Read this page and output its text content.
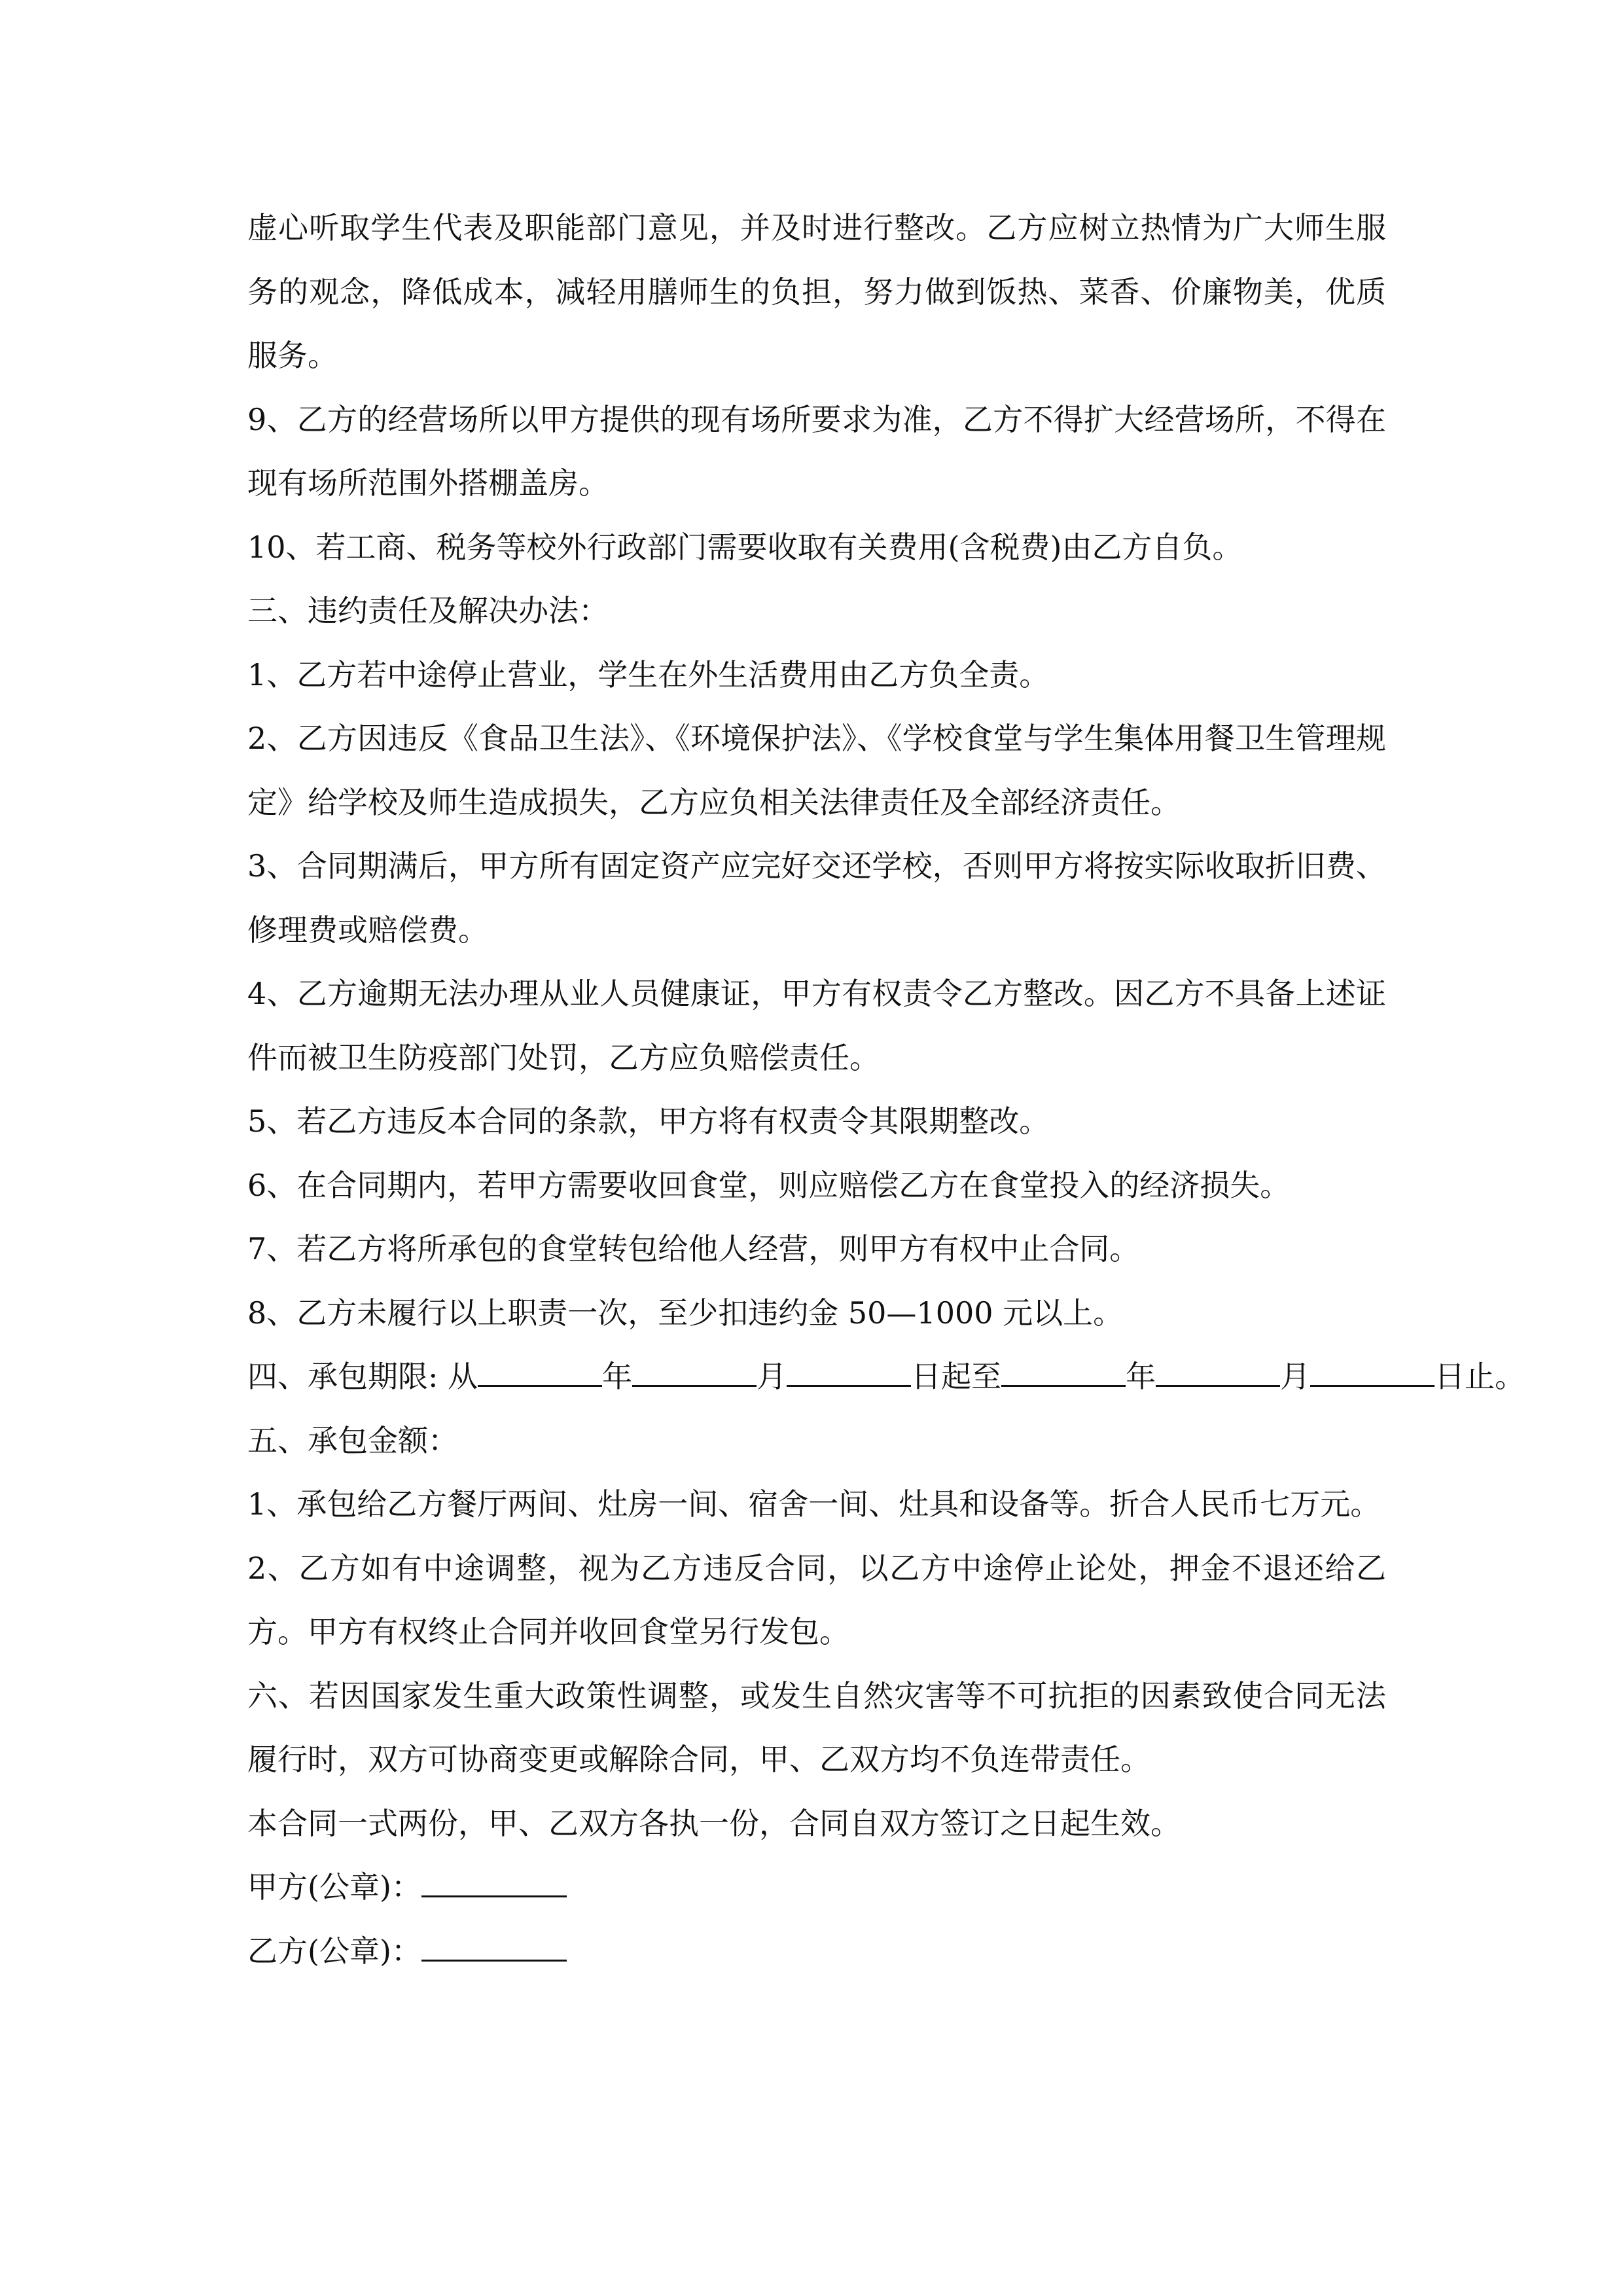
虚心听取学生代表及职能部门意见，并及时进行整改。乙方应树立热情为广大师生服务的观念，降低成本，减轻用膳师生的负担，努力做到饭热、菜香、价廉物美，优质服务。

9、乙方的经营场所以甲方提供的现有场所要求为准，乙方不得扩大经营场所，不得在现有场所范围外搭棚盖房。

10、若工商、税务等校外行政部门需要收取有关费用(含税费)由乙方自负。

三、违约责任及解决办法：

1、乙方若中途停止营业，学生在外生活费用由乙方负全责。

2、乙方因违反《食品卫生法》、《环境保护法》、《学校食堂与学生集体用餐卫生管理规定》给学校及师生造成损失，乙方应负相关法律责任及全部经济责任。

3、合同期满后，甲方所有固定资产应完好交还学校，否则甲方将按实际收取折旧费、修理费或赔偿费。

4、乙方逾期无法办理从业人员健康证，甲方有权责令乙方整改。因乙方不具备上述证件而被卫生防疫部门处罚，乙方应负赔偿责任。

5、若乙方违反本合同的条款，甲方将有权责令其限期整改。

6、在合同期内，若甲方需要收回食堂，则应赔偿乙方在食堂投入的经济损失。

7、若乙方将所承包的食堂转包给他人经营，则甲方有权中止合同。

8、乙方未履行以上职责一次，至少扣违约金 50—1000 元以上。

四、承包期限: 从	年	月	日起至	年	月	日止。

五、承包金额：

1、承包给乙方餐厅两间、灶房一间、宿舍一间、灶具和设备等。折合人民币七万元。

2、乙方如有中途调整，视为乙方违反合同，以乙方中途停止论处，押金不退还给乙方。甲方有权终止合同并收回食堂另行发包。

六、若因国家发生重大政策性调整，或发生自然灾害等不可抗拒的因素致使合同无法履行时，双方可协商变更或解除合同，甲、乙双方均不负连带责任。

本合同一式两份，甲、乙双方各执一份，合同自双方签订之日起生效。

甲方(公章)：

乙方(公章)：
